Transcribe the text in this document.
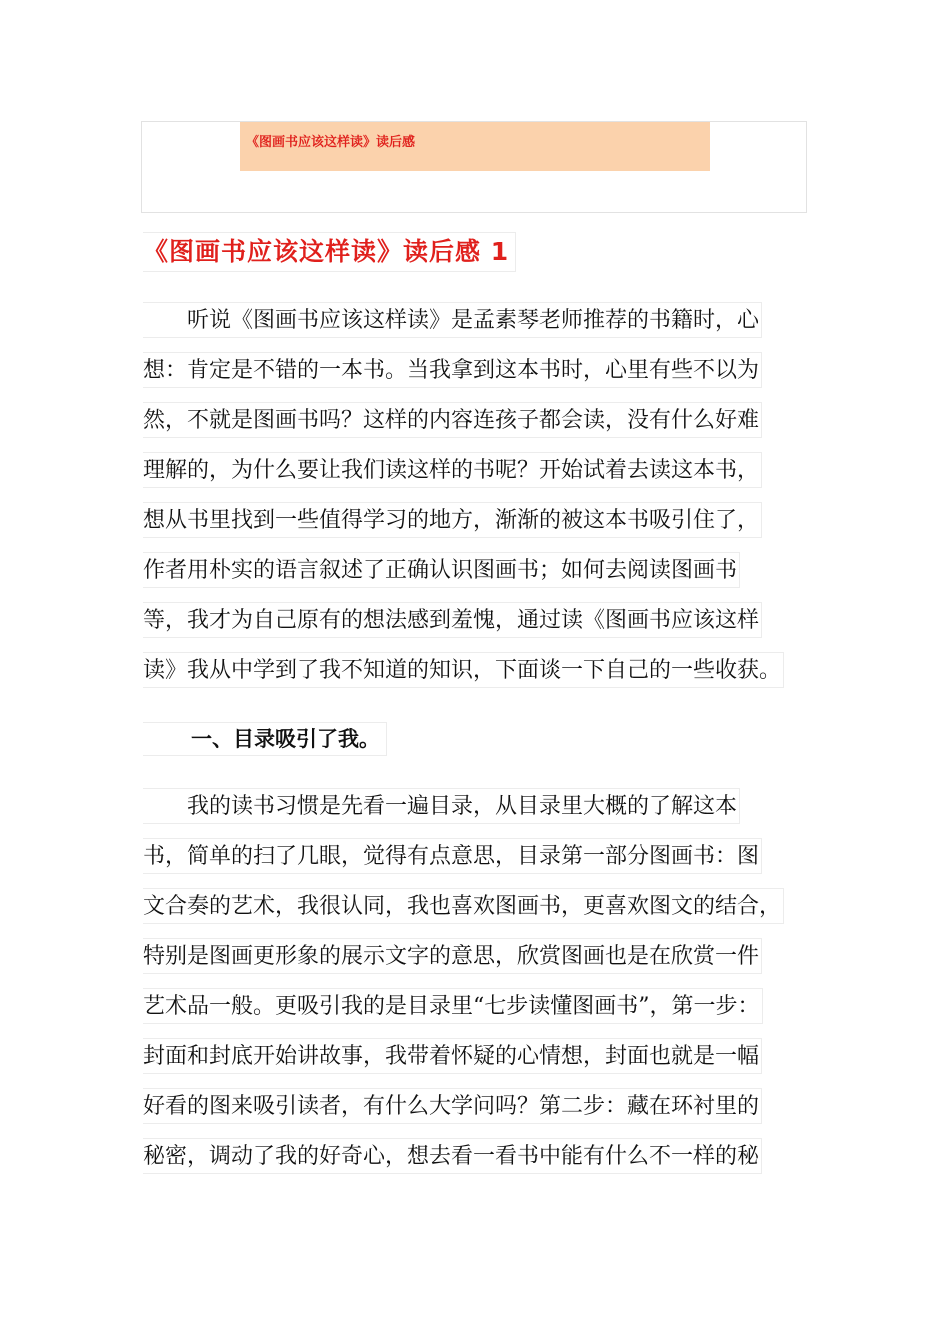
《图画书应该这样读》读后感
《图画书应该这样读》读后感 1
　　听说《图画书应该这样读》是孟素琴老师推荐的书籍时，心
想：肯定是不错的一本书。当我拿到这本书时，心里有些不以为
然，不就是图画书吗？这样的内容连孩子都会读，没有什么好难
理解的，为什么要让我们读这样的书呢？开始试着去读这本书，
想从书里找到一些值得学习的地方，渐渐的被这本书吸引住了，
作者用朴实的语言叙述了正确认识图画书；如何去阅读图画书
等，我才为自己原有的想法感到羞愧，通过读《图画书应该这样
读》我从中学到了我不知道的知识，下面谈一下自己的一些收获。
一、目录吸引了我。
　　我的读书习惯是先看一遍目录，从目录里大概的了解这本
书，简单的扫了几眼，觉得有点意思，目录第一部分图画书：图
文合奏的艺术，我很认同，我也喜欢图画书，更喜欢图文的结合，
特别是图画更形象的展示文字的意思，欣赏图画也是在欣赏一件
艺术品一般。更吸引我的是目录里“七步读懂图画书”，第一步：
封面和封底开始讲故事，我带着怀疑的心情想，封面也就是一幅
好看的图来吸引读者，有什么大学问吗？第二步：藏在环衬里的
秘密，调动了我的好奇心，想去看一看书中能有什么不一样的秘
